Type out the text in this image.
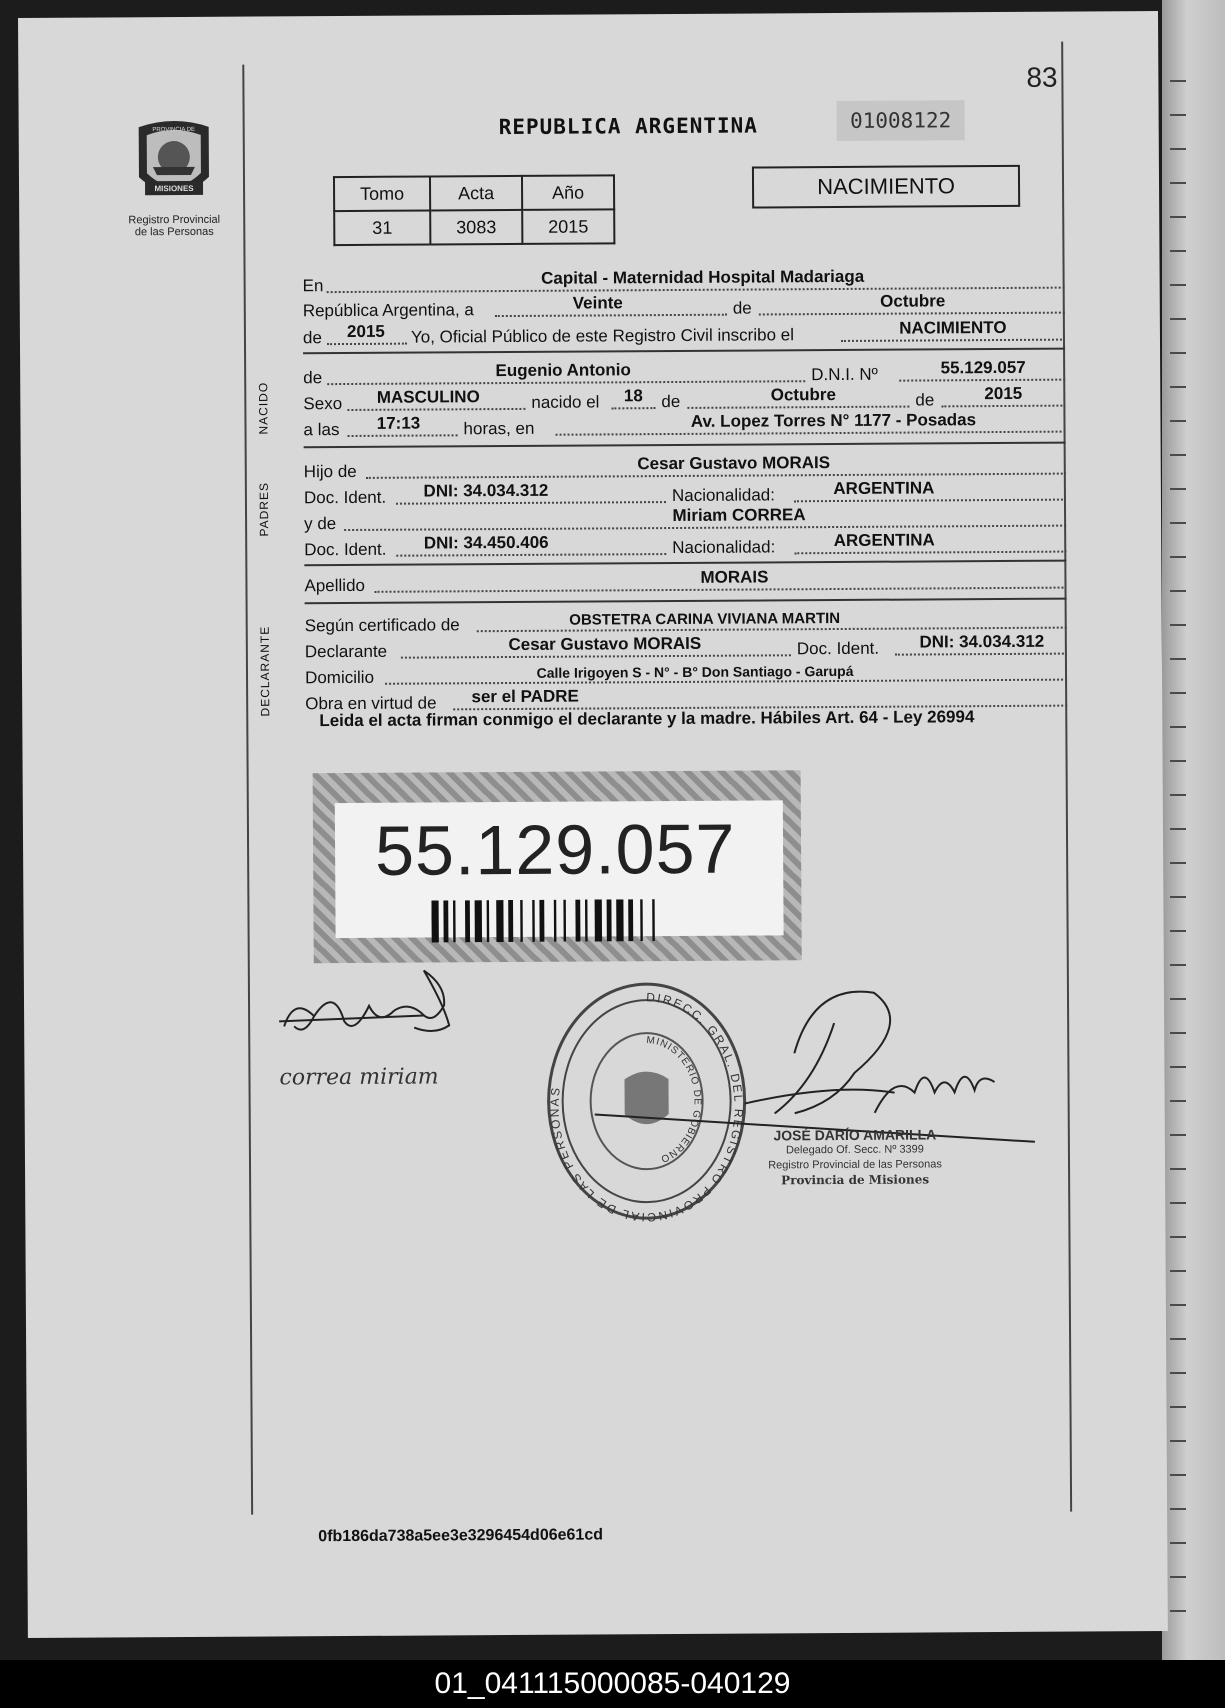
83
MISIONES
PROVINCIA DE
Registro Provincial
de las Personas
REPUBLICA ARGENTINA	01008122
Tomo	Acta	Año
31	3083	2015
NACIMIENTO
En	Capital - Maternidad Hospital Madariaga
República Argentina, a	Veinte	de	Octubre
de	2015	Yo, Oficial Público de este Registro Civil inscribo el	NACIMIENTO
NACIDO
de	Eugenio Antonio	D.N.I. Nº	55.129.057
Sexo	MASCULINO	nacido el	18	de	Octubre	de	2015
a las	17:13	horas, en	Av. Lopez Torres N° 1177 - Posadas
PADRES
Hijo de	Cesar Gustavo MORAIS
Doc. Ident.	DNI: 34.034.312	Nacionalidad:	ARGENTINA
y de	Miriam CORREA
Doc. Ident.	DNI: 34.450.406	Nacionalidad:	ARGENTINA
Apellido	MORAIS
DECLARANTE
Según certificado de	OBSTETRA CARINA VIVIANA MARTIN
Declarante	Cesar Gustavo MORAIS	Doc. Ident.	DNI: 34.034.312
Domicilio	Calle Irigoyen S - N° - B° Don Santiago - Garupá
Obra en virtud de	ser el PADRE
Leida el acta firman conmigo el declarante y la madre. Hábiles Art. 64 - Ley 26994
55.129.057
correa miriam
DIRECC. GRAL. DEL REGISTRO PROVINCIAL DE LAS PERSONAS
MINISTERIO DE GOBIERNO
JOSÉ DARÍO AMARILLA
Delegado Of. Secc. Nº 3399
Registro Provincial de las Personas
Provincia de Misiones
0fb186da738a5ee3e3296454d06e61cd
01_041115000085-040129
